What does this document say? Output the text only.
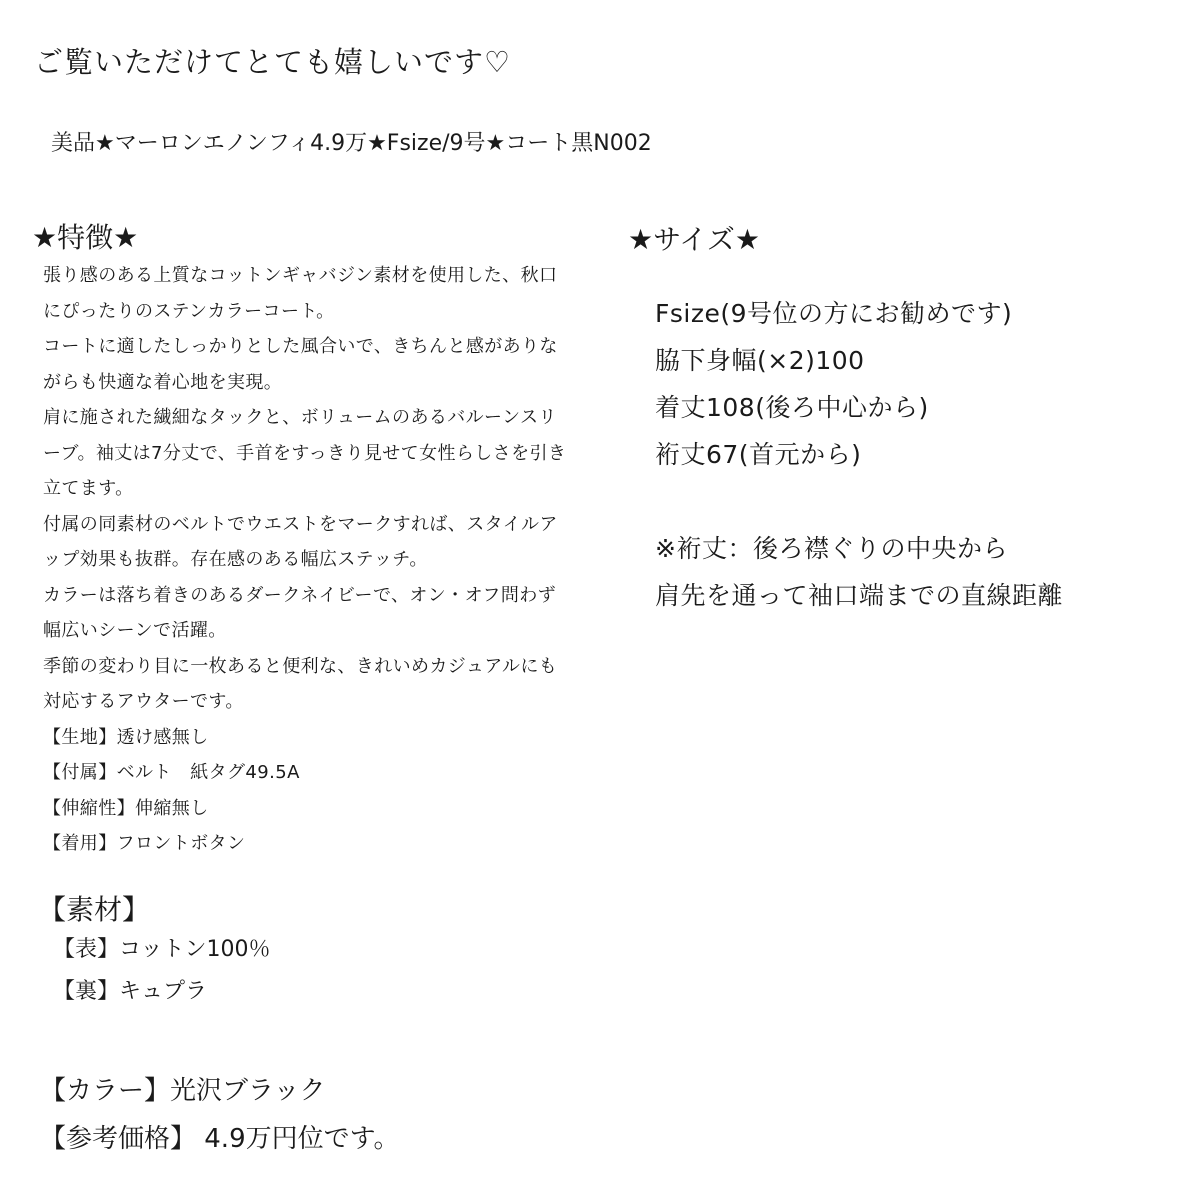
ご覧いただけてとても嬉しいです♡
美品★マーロンエノンフィ4.9万★Fsize/9号★コート黒N002
★特徴★
張り感のある上質なコットンギャバジン素材を使用した、秋口
にぴったりのステンカラーコート。
コートに適したしっかりとした風合いで、きちんと感がありな
がらも快適な着心地を実現。
肩に施された繊細なタックと、ボリュームのあるバルーンスリ
ーブ。袖丈は7分丈で、手首をすっきり見せて女性らしさを引き
立てます。
付属の同素材のベルトでウエストをマークすれば、スタイルア
ップ効果も抜群。存在感のある幅広ステッチ。
カラーは落ち着きのあるダークネイビーで、オン・オフ問わず
幅広いシーンで活躍。
季節の変わり目に一枚あると便利な、きれいめカジュアルにも
対応するアウターです。
【生地】透け感無し
【付属】ベルト　紙タグ49.5A
【伸縮性】伸縮無し
【着用】フロントボタン
【素材】
【表】コットン100％
【裏】キュプラ
【カラー】光沢ブラック
【参考価格】 4.9万円位です。
★サイズ★
Fsize(9号位の方にお勧めです)
脇下身幅(×2)100
着丈108(後ろ中心から)
裄丈67(首元から)
※裄丈：後ろ襟ぐりの中央から
肩先を通って袖口端までの直線距離
